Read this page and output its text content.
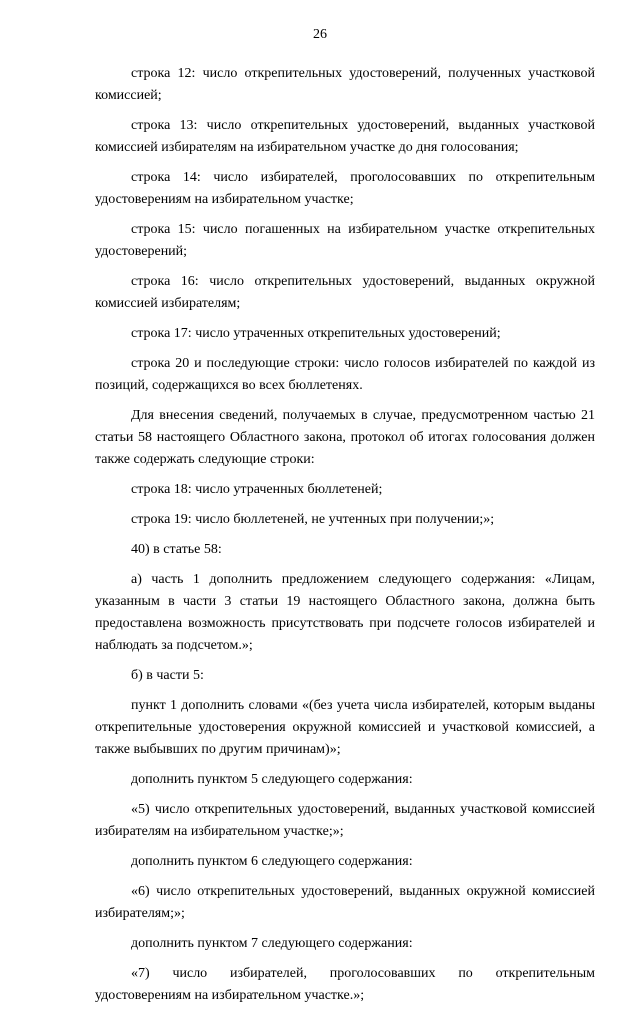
26

строка 12: число открепительных удостоверений, полученных участковой комиссией;

строка 13: число открепительных удостоверений, выданных участковой комиссией избирателям на избирательном участке до дня голосования;

строка 14: число избирателей, проголосовавших по открепительным удостоверениям на избирательном участке;

строка 15: число погашенных на избирательном участке открепительных удостоверений;

строка 16: число открепительных удостоверений, выданных окружной комиссией избирателям;

строка 17: число утраченных открепительных удостоверений;

строка 20 и последующие строки: число голосов избирателей по каждой из позиций, содержащихся во всех бюллетенях.

Для внесения сведений, получаемых в случае, предусмотренном частью 21 статьи 58 настоящего Областного закона, протокол об итогах голосования должен также содержать следующие строки:

строка 18: число утраченных бюллетеней;

строка 19: число бюллетеней, не учтенных при получении;»;

40) в статье 58:

а) часть 1 дополнить предложением следующего содержания: «Лицам, указанным в части 3 статьи 19 настоящего Областного закона, должна быть предоставлена возможность присутствовать при подсчете голосов избирателей и наблюдать за подсчетом.»;

б) в части 5:

пункт 1 дополнить словами «(без учета числа избирателей, которым выданы открепительные удостоверения окружной комиссией и участковой комиссией, а также выбывших по другим причинам)»;

дополнить пунктом 5 следующего содержания:

«5) число открепительных удостоверений, выданных участковой комиссией избирателям на избирательном участке;»;

дополнить пунктом 6 следующего содержания:

«6) число открепительных удостоверений, выданных окружной комиссией избирателям;»;

дополнить пунктом 7 следующего содержания:

«7) число избирателей, проголосовавших по открепительным удостоверениям на избирательном участке.»;
